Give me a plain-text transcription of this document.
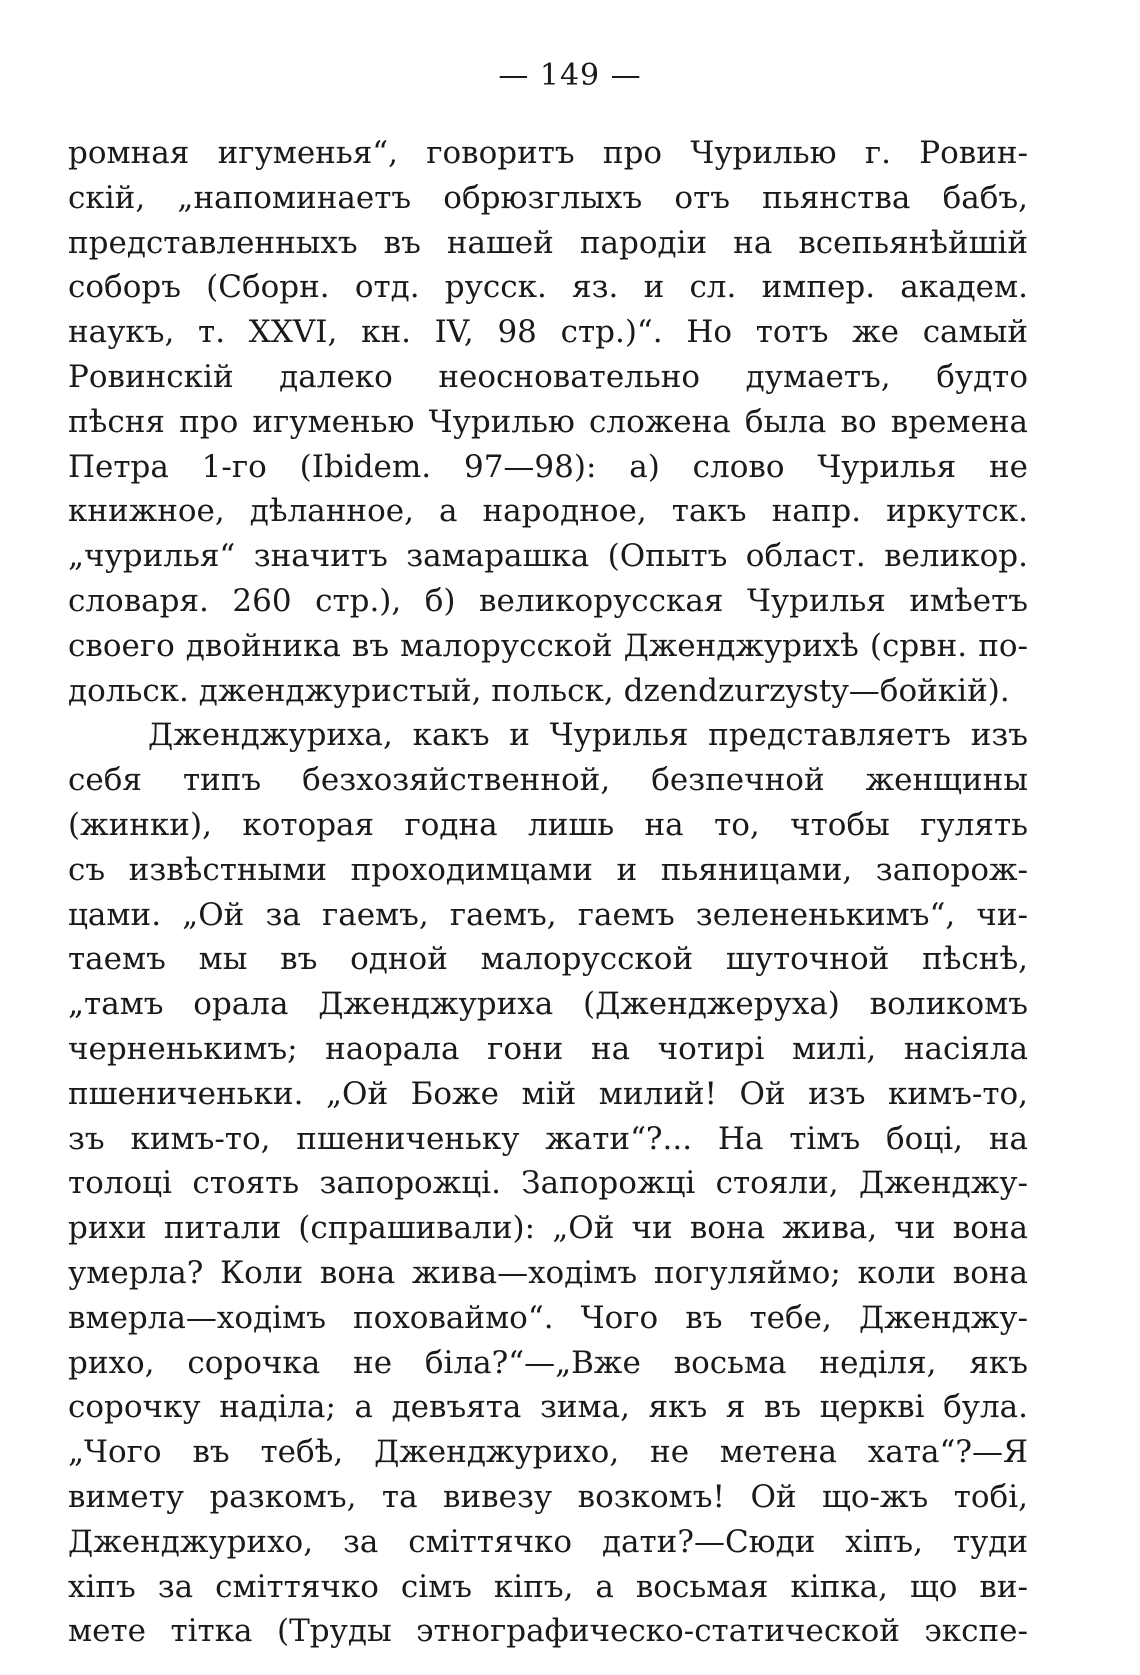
— 149 —
ромная игуменья“, говоритъ про Чурилью г. Ровин-
скій, „напоминаетъ обрюзглыхъ отъ пьянства бабъ,
представленныхъ въ нашей пародіи на всепьянѣйшій
соборъ (Сборн. отд. русск. яз. и сл. импер. академ.
наукъ, т. XXVI, кн. IV, 98 стр.)“. Но тотъ же самый
Ровинскій далеко неосновательно думаетъ, будто
пѣсня про игуменью Чурилью сложена была во времена
Петра 1-го (Ibidem. 97—98): а) слово Чурилья не
книжное, дѣланное, а народное, такъ напр. иркутск.
„чурилья“ значитъ замарашка (Опытъ област. великор.
словаря. 260 стр.), б) великорусская Чурилья имѣетъ
своего двойника въ малорусской Дженджурихѣ (срвн. по-
дольск. дженджуристый, польск, dzendzurzysty—бойкій).
Дженджуриха, какъ и Чурилья представляетъ изъ
себя типъ безхозяйственной, безпечной женщины
(жинки), которая годна лишь на то, чтобы гулять
съ извѣстными проходимцами и пьяницами, запорож-
цами. „Ой за гаемъ, гаемъ, гаемъ зелененькимъ“, чи-
таемъ мы въ одной малорусской шуточной пѣснѣ,
„тамъ орала Дженджуриха (Дженджеруха) воликомъ
черненькимъ; наорала гони на чотирі милі, насіяла
пшениченьки. „Ой Боже мій милий! Ой изъ кимъ-то,
зъ кимъ-то, пшениченьку жати“?... На тімъ боці, на
толоці стоять запорожці. Запорожці стояли, Дженджу-
рихи питали (спрашивали): „Ой чи вона жива, чи вона
умерла? Коли вона жива—ходімъ погуляймо; коли вона
вмерла—ходімъ поховаймо“. Чого въ тебе, Дженджу-
рихо, сорочка не біла?“—„Вже восьма неділя, якъ
сорочку наділа; а девъята зима, якъ я въ церкві була.
„Чого въ тебѣ, Дженджурихо, не метена хата“?—Я
вимету разкомъ, та вивезу возкомъ! Ой що-жъ тобі,
Дженджурихо, за сміттячко дати?—Сюди хіпъ, туди
хіпъ за сміттячко сімъ кіпъ, а восьмая кіпка, що ви-
мете тітка (Труды этнографическо-статической экспе-
